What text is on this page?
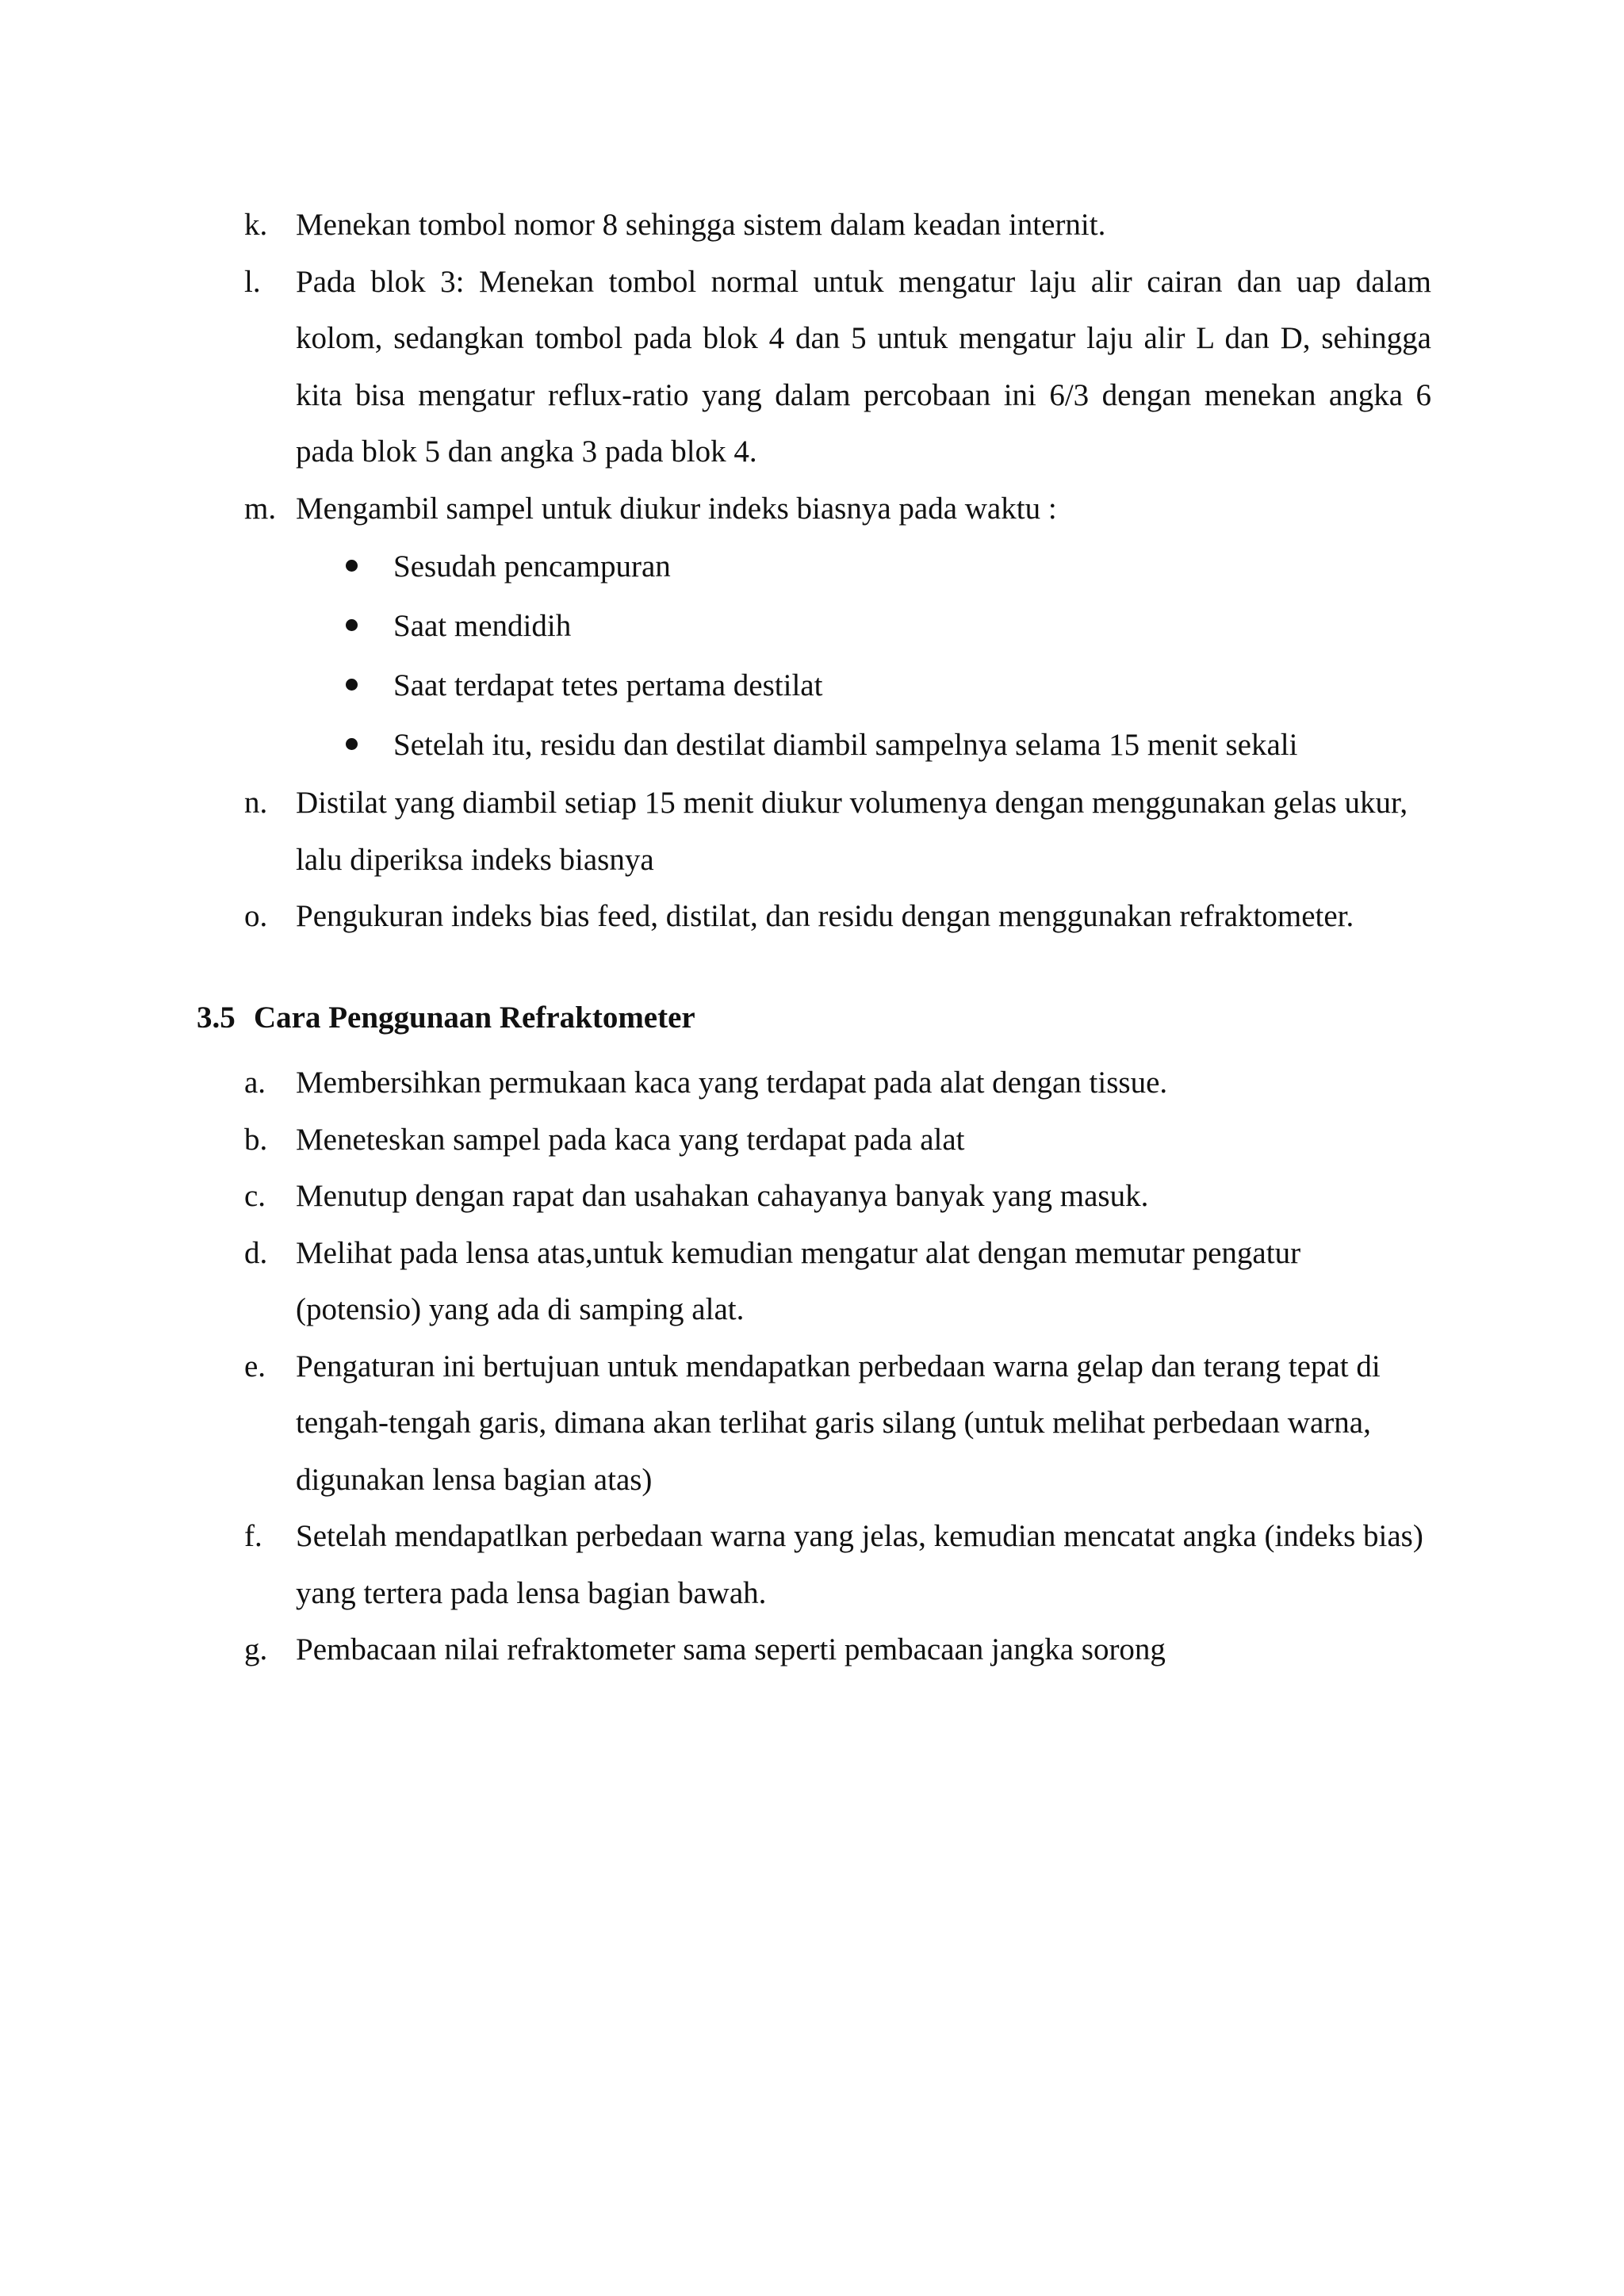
k. Menekan tombol nomor 8 sehingga sistem dalam keadan internit.
l.	Pada blok 3: Menekan tombol normal untuk mengatur laju alir cairan dan uap dalam kolom, sedangkan tombol pada blok 4 dan 5 untuk mengatur laju alir L dan D, sehingga kita bisa mengatur reflux-ratio yang dalam percobaan ini 6/3 dengan menekan angka 6 pada blok 5 dan angka 3 pada blok 4.
m. Mengambil sampel untuk diukur indeks biasnya pada waktu :
Sesudah pencampuran
Saat mendidih
Saat terdapat tetes pertama destilat
Setelah itu, residu dan destilat diambil sampelnya selama 15 menit sekali
n. Distilat yang diambil setiap 15 menit diukur volumenya dengan menggunakan gelas ukur, lalu diperiksa indeks biasnya
o. Pengukuran indeks bias feed, distilat, dan residu dengan menggunakan refraktometer.
3.5 Cara Penggunaan Refraktometer
a. Membersihkan permukaan kaca yang terdapat pada alat dengan tissue.
b. Meneteskan sampel pada kaca yang terdapat pada alat
c. Menutup dengan rapat dan usahakan cahayanya banyak yang masuk.
d. Melihat pada lensa atas,untuk kemudian mengatur alat dengan memutar pengatur (potensio) yang ada di samping alat.
e. Pengaturan ini bertujuan untuk mendapatkan perbedaan warna gelap dan terang tepat di tengah-tengah garis, dimana akan terlihat garis silang (untuk melihat perbedaan warna, digunakan lensa bagian atas)
f.	Setelah mendapatlkan perbedaan warna yang jelas, kemudian mencatat angka (indeks bias) yang tertera pada lensa bagian bawah.
g. Pembacaan nilai refraktometer sama seperti pembacaan jangka sorong
